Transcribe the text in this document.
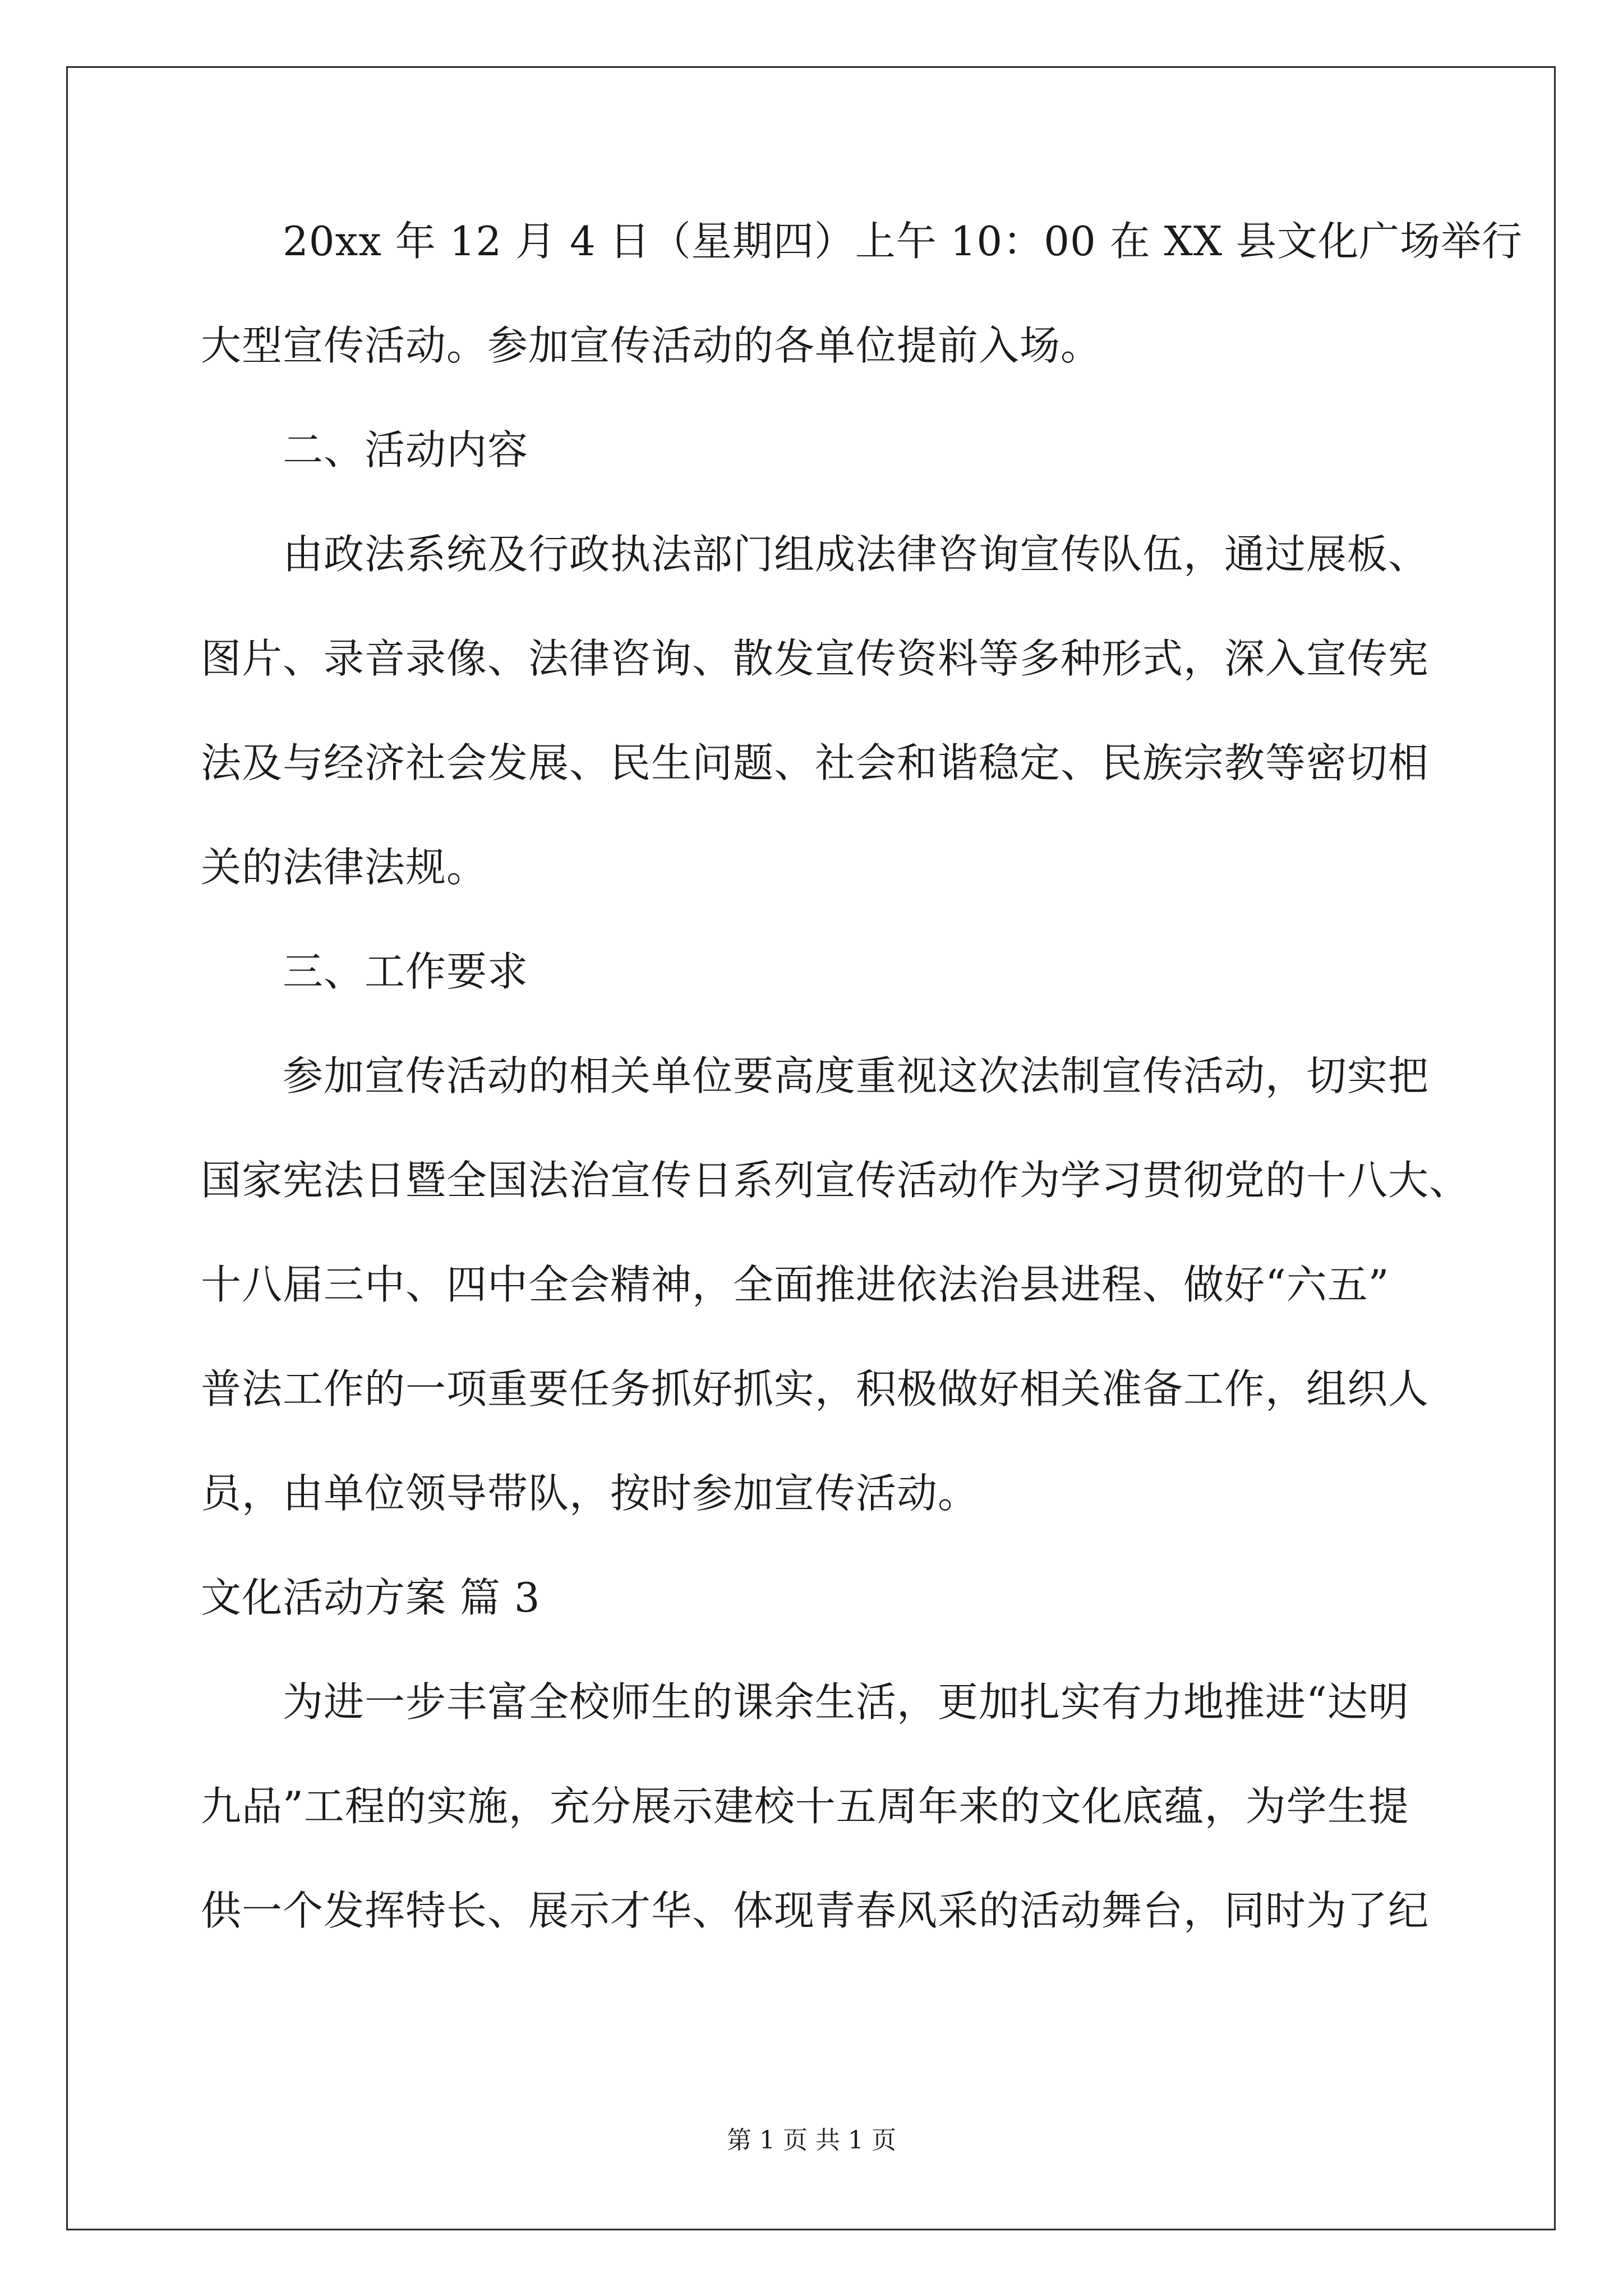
20xx 年 12 月 4 日（星期四）上午 10：00 在 XX 县文化广场举行
大型宣传活动。参加宣传活动的各单位提前入场。
二、活动内容
由政法系统及行政执法部门组成法律咨询宣传队伍，通过展板、
图片、录音录像、法律咨询、散发宣传资料等多种形式，深入宣传宪
法及与经济社会发展、民生问题、社会和谐稳定、民族宗教等密切相
关的法律法规。
三、工作要求
参加宣传活动的相关单位要高度重视这次法制宣传活动，切实把
国家宪法日暨全国法治宣传日系列宣传活动作为学习贯彻党的十八大、
十八届三中、四中全会精神，全面推进依法治县进程、做好“六五”
普法工作的一项重要任务抓好抓实，积极做好相关准备工作，组织人
员，由单位领导带队，按时参加宣传活动。
文化活动方案 篇 3
为进一步丰富全校师生的课余生活，更加扎实有力地推进“达明
九品”工程的实施，充分展示建校十五周年来的文化底蕴，为学生提
供一个发挥特长、展示才华、体现青春风采的活动舞台，同时为了纪
第 1 页 共 1 页
